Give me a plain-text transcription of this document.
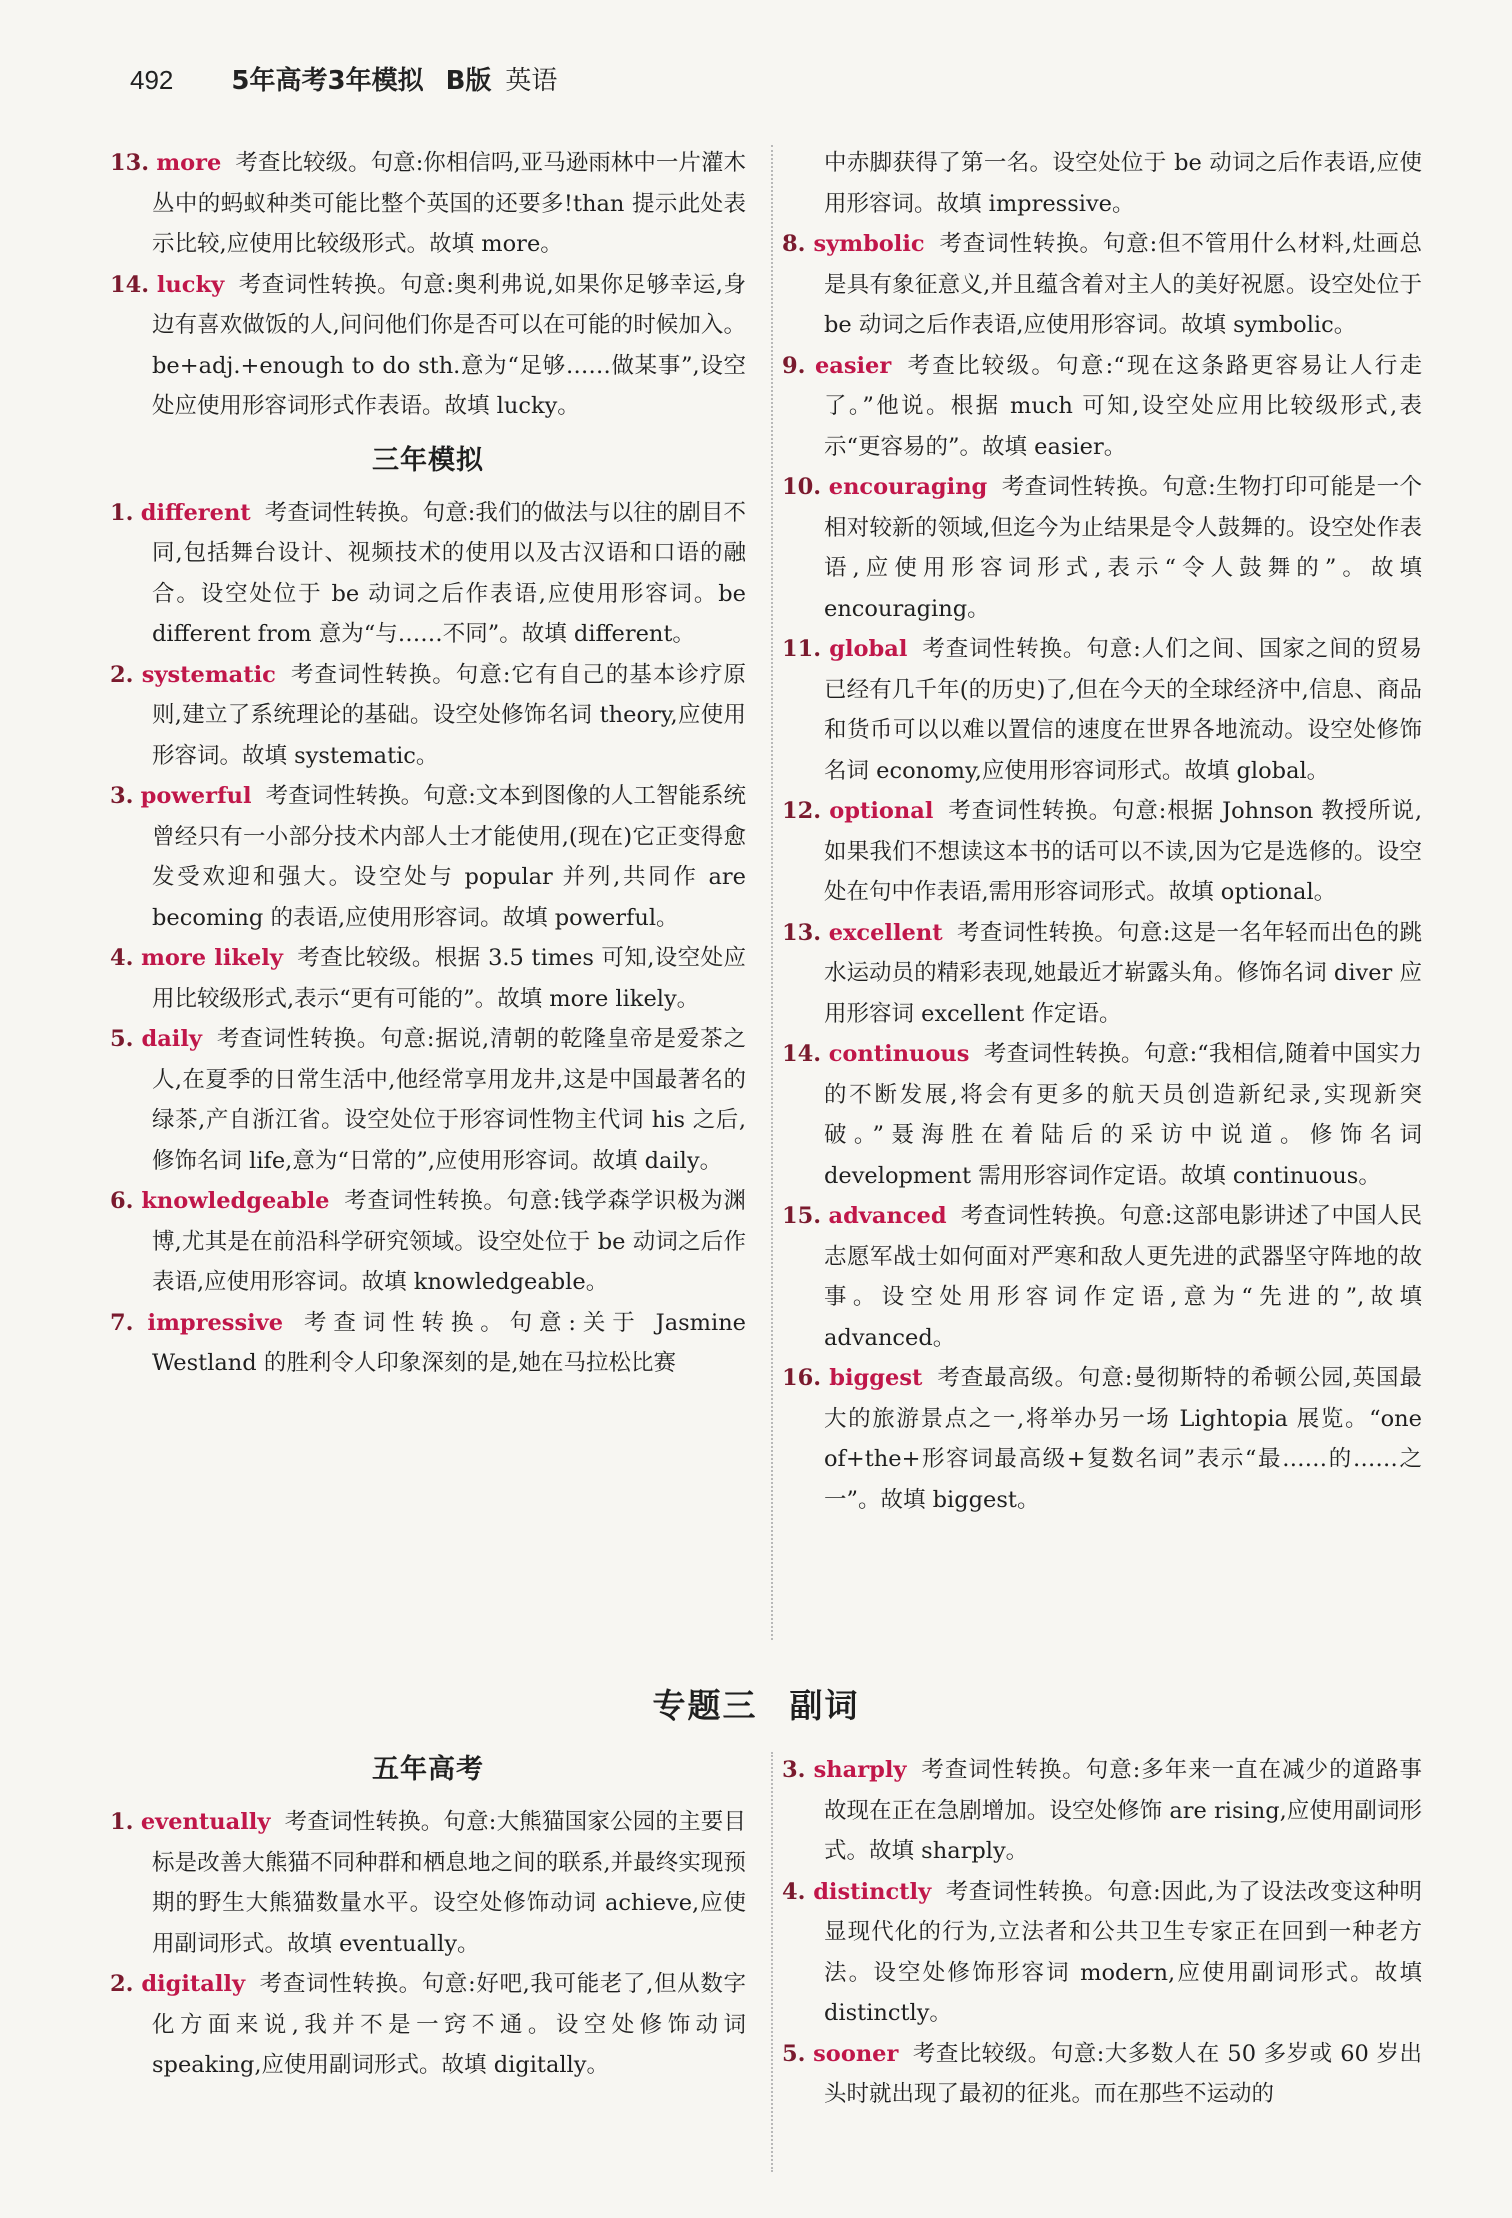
492 5年高考3年模拟 B版 英语

13. more 考查比较级。句意:你相信吗,亚马逊雨林中一片灌木丛中的蚂蚁种类可能比整个英国的还要多!than 提示此处表示比较,应使用比较级形式。故填 more。

14. lucky 考查词性转换。句意:奥利弗说,如果你足够幸运,身边有喜欢做饭的人,问问他们你是否可以在可能的时候加入。be+adj.+enough to do sth.意为“足够……做某事”,设空处应使用形容词形式作表语。故填 lucky。

三年模拟

1. different 考查词性转换。句意:我们的做法与以往的剧目不同,包括舞台设计、视频技术的使用以及古汉语和口语的融合。设空处位于 be 动词之后作表语,应使用形容词。be different from 意为“与……不同”。故填 different。

2. systematic 考查词性转换。句意:它有自己的基本诊疗原则,建立了系统理论的基础。设空处修饰名词 theory,应使用形容词。故填 systematic。

3. powerful 考查词性转换。句意:文本到图像的人工智能系统曾经只有一小部分技术内部人士才能使用,(现在)它正变得愈发受欢迎和强大。设空处与 popular 并列,共同作 are becoming 的表语,应使用形容词。故填 powerful。

4. more likely 考查比较级。根据 3.5 times 可知,设空处应用比较级形式,表示“更有可能的”。故填 more likely。

5. daily 考查词性转换。句意:据说,清朝的乾隆皇帝是爱茶之人,在夏季的日常生活中,他经常享用龙井,这是中国最著名的绿茶,产自浙江省。设空处位于形容词性物主代词 his 之后,修饰名词 life,意为“日常的”,应使用形容词。故填 daily。

6. knowledgeable 考查词性转换。句意:钱学森学识极为渊博,尤其是在前沿科学研究领域。设空处位于 be 动词之后作表语,应使用形容词。故填 knowledgeable。

7. impressive 考查词性转换。句意:关于 Jasmine Westland 的胜利令人印象深刻的是,她在马拉松比赛

中赤脚获得了第一名。设空处位于 be 动词之后作表语,应使用形容词。故填 impressive。

8. symbolic 考查词性转换。句意:但不管用什么材料,灶画总是具有象征意义,并且蕴含着对主人的美好祝愿。设空处位于 be 动词之后作表语,应使用形容词。故填 symbolic。

9. easier 考查比较级。句意:“现在这条路更容易让人行走了。”他说。根据 much 可知,设空处应用比较级形式,表示“更容易的”。故填 easier。

10. encouraging 考查词性转换。句意:生物打印可能是一个相对较新的领域,但迄今为止结果是令人鼓舞的。设空处作表语,应使用形容词形式,表示“令人鼓舞的”。故填 encouraging。

11. global 考查词性转换。句意:人们之间、国家之间的贸易已经有几千年(的历史)了,但在今天的全球经济中,信息、商品和货币可以以难以置信的速度在世界各地流动。设空处修饰名词 economy,应使用形容词形式。故填 global。

12. optional 考查词性转换。句意:根据 Johnson 教授所说,如果我们不想读这本书的话可以不读,因为它是选修的。设空处在句中作表语,需用形容词形式。故填 optional。

13. excellent 考查词性转换。句意:这是一名年轻而出色的跳水运动员的精彩表现,她最近才崭露头角。修饰名词 diver 应用形容词 excellent 作定语。

14. continuous 考查词性转换。句意:“我相信,随着中国实力的不断发展,将会有更多的航天员创造新纪录,实现新突破。”聂海胜在着陆后的采访中说道。修饰名词 development 需用形容词作定语。故填 continuous。

15. advanced 考查词性转换。句意:这部电影讲述了中国人民志愿军战士如何面对严寒和敌人更先进的武器坚守阵地的故事。设空处用形容词作定语,意为“先进的”,故填 advanced。

16. biggest 考查最高级。句意:曼彻斯特的希顿公园,英国最大的旅游景点之一,将举办另一场 Lightopia 展览。“one of+the+形容词最高级+复数名词”表示“最……的……之一”。故填 biggest。

专题三 副词
五年高考

1. eventually 考查词性转换。句意:大熊猫国家公园的主要目标是改善大熊猫不同种群和栖息地之间的联系,并最终实现预期的野生大熊猫数量水平。设空处修饰动词 achieve,应使用副词形式。故填 eventually。

2. digitally 考查词性转换。句意:好吧,我可能老了,但从数字化方面来说,我并不是一窍不通。设空处修饰动词 speaking,应使用副词形式。故填 digitally。

3. sharply 考查词性转换。句意:多年来一直在减少的道路事故现在正在急剧增加。设空处修饰 are rising,应使用副词形式。故填 sharply。

4. distinctly 考查词性转换。句意:因此,为了设法改变这种明显现代化的行为,立法者和公共卫生专家正在回到一种老方法。设空处修饰形容词 modern,应使用副词形式。故填 distinctly。

5. sooner 考查比较级。句意:大多数人在 50 多岁或 60 岁出头时就出现了最初的征兆。而在那些不运动的
